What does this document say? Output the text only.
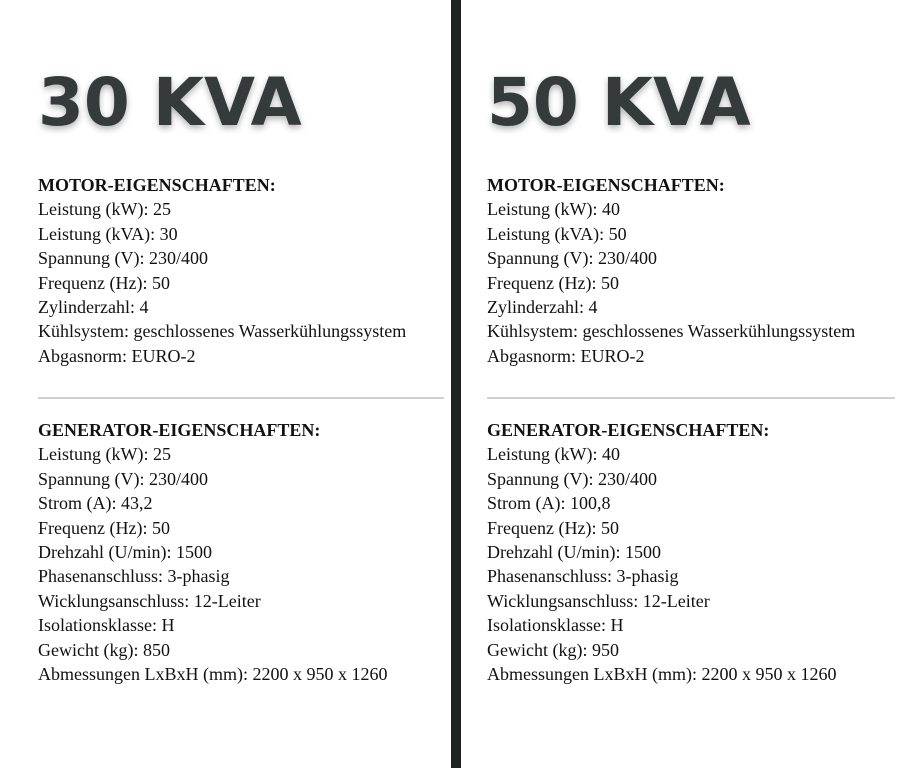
30 KVA

MOTOR-EIGENSCHAFTEN:

Leistung (kW): 25

Leistung (kVA): 30

Spannung (V): 230/400

Frequenz (Hz): 50

Zylinderzahl: 4

Kühlsystem: geschlossenes Wasserkühlungssystem

Abgasnorm: EURO-2

GENERATOR-EIGENSCHAFTEN:

Leistung (kW): 25

Spannung (V): 230/400

Strom (A): 43,2

Frequenz (Hz): 50

Drehzahl (U/min): 1500

Phasenanschluss: 3-phasig

Wicklungsanschluss: 12-Leiter

Isolationsklasse: H

Gewicht (kg): 850

Abmessungen LxBxH (mm): 2200 x 950 x 1260

50 KVA

MOTOR-EIGENSCHAFTEN:

Leistung (kW): 40

Leistung (kVA): 50

Spannung (V): 230/400

Frequenz (Hz): 50

Zylinderzahl: 4

Kühlsystem: geschlossenes Wasserkühlungssystem

Abgasnorm: EURO-2

GENERATOR-EIGENSCHAFTEN:

Leistung (kW): 40

Spannung (V): 230/400

Strom (A): 100,8

Frequenz (Hz): 50

Drehzahl (U/min): 1500

Phasenanschluss: 3-phasig

Wicklungsanschluss: 12-Leiter

Isolationsklasse: H

Gewicht (kg): 950

Abmessungen LxBxH (mm): 2200 x 950 x 1260
